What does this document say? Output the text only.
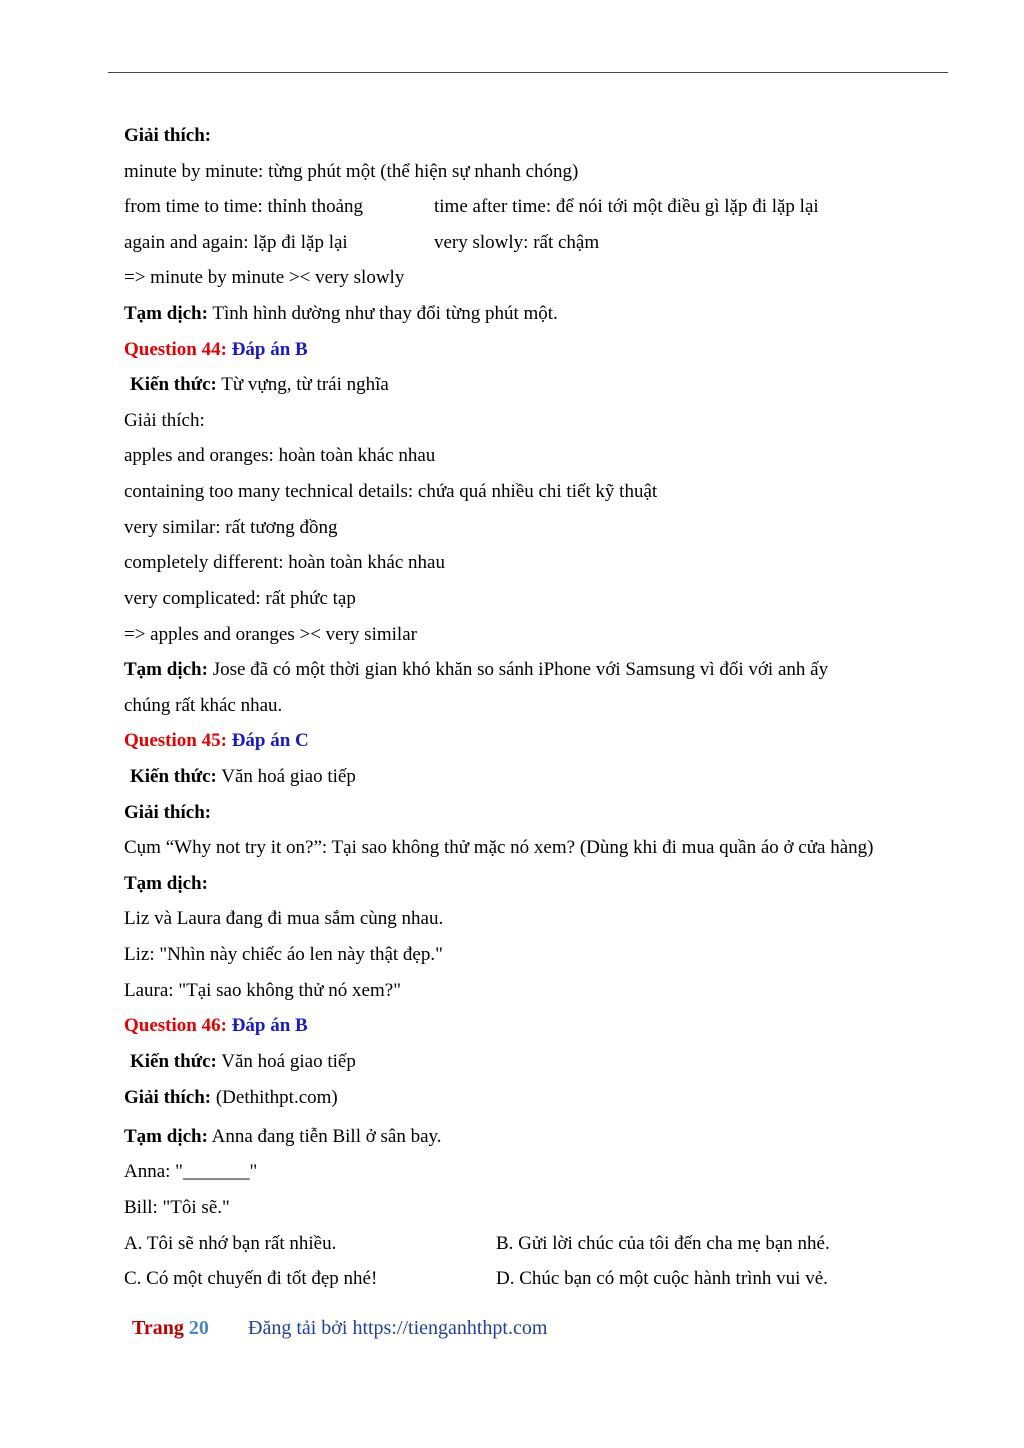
Giải thích:
minute by minute: từng phút một (thể hiện sự nhanh chóng)
from time to time: thỉnh thoảng	time after time: để nói tới một điều gì lặp đi lặp lại
again and again: lặp đi lặp lại	very slowly: rất chậm
=> minute by minute >< very slowly
Tạm dịch: Tình hình dường như thay đổi từng phút một.
Question 44: Đáp án B
Kiến thức: Từ vựng, từ trái nghĩa
Giải thích:
apples and oranges: hoàn toàn khác nhau
containing too many technical details: chứa quá nhiều chi tiết kỹ thuật
very similar: rất tương đồng
completely different: hoàn toàn khác nhau
very complicated: rất phức tạp
=> apples and oranges >< very similar
Tạm dịch: Jose đã có một thời gian khó khăn so sánh iPhone với Samsung vì đối với anh ấy
chúng rất khác nhau.
Question 45: Đáp án C
Kiến thức: Văn hoá giao tiếp
Giải thích:
Cụm “Why not try it on?”: Tại sao không thử mặc nó xem? (Dùng khi đi mua quần áo ở cửa hàng)
Tạm dịch:
Liz và Laura đang đi mua sắm cùng nhau.
Liz: "Nhìn này chiếc áo len này thật đẹp."
Laura: "Tại sao không thử nó xem?"
Question 46: Đáp án B
Kiến thức: Văn hoá giao tiếp
Giải thích: (Dethithpt.com)
Tạm dịch: Anna đang tiễn Bill ở sân bay.
Anna: "_______"
Bill: "Tôi sẽ."
A. Tôi sẽ nhớ bạn rất nhiều.	B. Gửi lời chúc của tôi đến cha mẹ bạn nhé.
C. Có một chuyến đi tốt đẹp nhé!	D. Chúc bạn có một cuộc hành trình vui vẻ.
Trang 20 Đăng tải bởi https://tienganhthpt.com
